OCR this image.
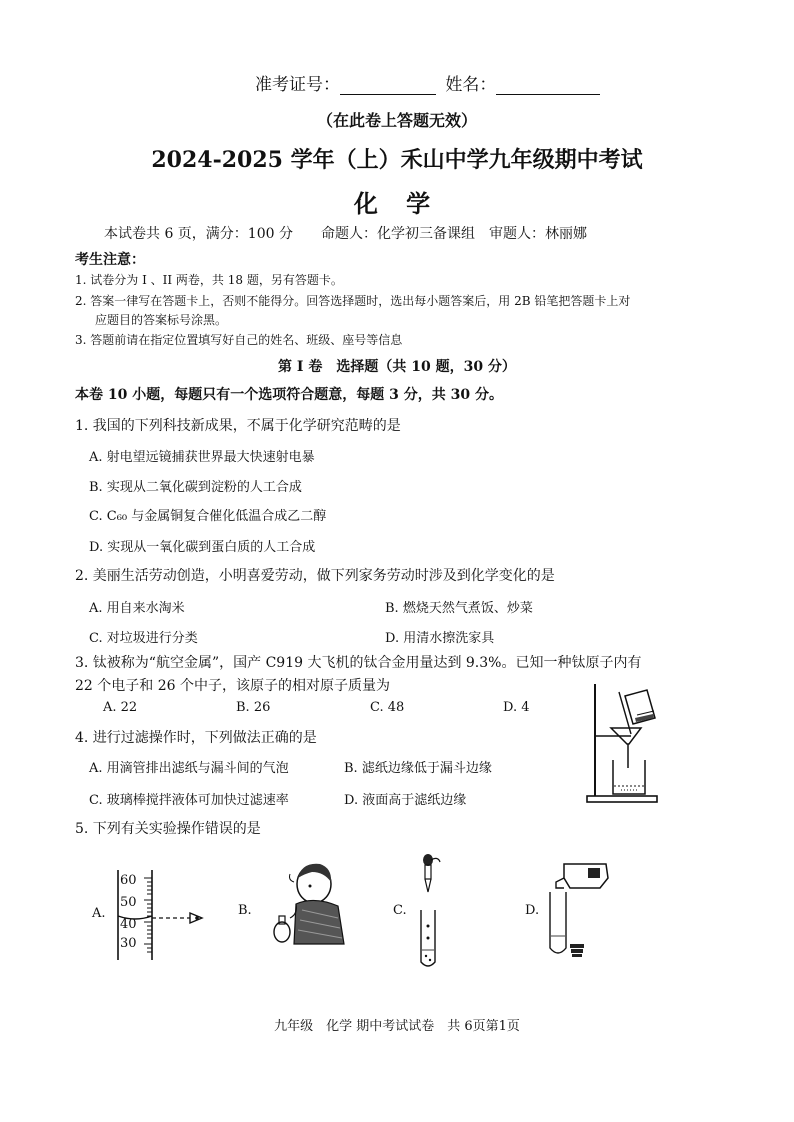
准考证号：	姓名：
（在此卷上答题无效）
2024-2025 学年（上）禾山中学九年级期中考试
化 学
本试卷共 6 页，满分：100 分　　命题人：化学初三备课组　审题人：林丽娜
考生注意：
1. 试卷分为 I 、II 两卷，共 18 题，另有答题卡。
2. 答案一律写在答题卡上，否则不能得分。回答选择题时，选出每小题答案后，用 2B 铅笔把答题卡上对
应题目的答案标号涂黑。
3. 答题前请在指定位置填写好自己的姓名、班级、座号等信息
第 I 卷　选择题（共 10 题，30 分）
本卷 10 小题，每题只有一个选项符合题意，每题 3 分，共 30 分。
1. 我国的下列科技新成果，不属于化学研究范畴的是
A. 射电望远镜捕获世界最大快速射电暴
B. 实现从二氧化碳到淀粉的人工合成
C. C₆₀ 与金属铜复合催化低温合成乙二醇
D. 实现从一氧化碳到蛋白质的人工合成
2. 美丽生活劳动创造，小明喜爱劳动，做下列家务劳动时涉及到化学变化的是
A. 用自来水淘米	B. 燃烧天然气煮饭、炒菜
C. 对垃圾进行分类	D. 用清水擦洗家具
3. 钛被称为“航空金属”，国产 C919 大飞机的钛合金用量达到 9.3%。已知一种钛原子内有
22 个电子和 26 个中子，该原子的相对原子质量为
A. 22	B. 26	C. 48	D. 4
4. 进行过滤操作时，下列做法正确的是
A. 用滴管排出滤纸与漏斗间的气泡	B. 滤纸边缘低于漏斗边缘
C. 玻璃棒搅拌液体可加快过滤速率	D. 液面高于滤纸边缘
5. 下列有关实验操作错误的是
A.
60
50
40
30
B.	C.	D.
九年级　化学 期中考试试卷　共 6页第1页
